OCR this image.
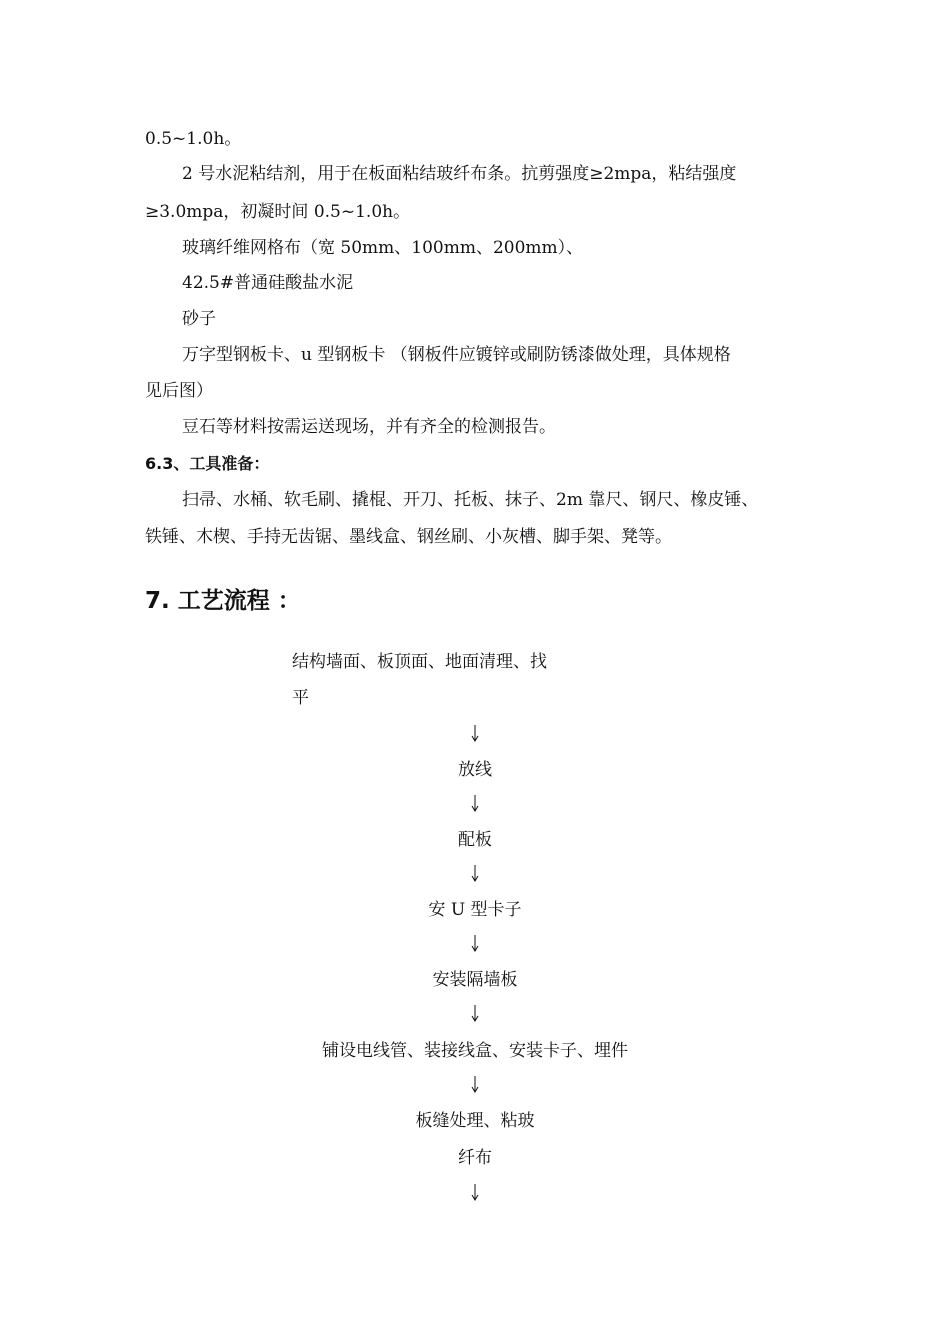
0.5~1.0h。
2 号水泥粘结剂，用于在板面粘结玻纤布条。抗剪强度≥2mpa，粘结强度
≥3.0mpa，初凝时间 0.5~1.0h。
玻璃纤维网格布（宽 50mm、100mm、200mm）、
42.5#普通硅酸盐水泥
砂子
万字型钢板卡、u 型钢板卡 （钢板件应镀锌或刷防锈漆做处理，具体规格
见后图）
豆石等材料按需运送现场，并有齐全的检测报告。
6.3、工具准备：
扫帚、水桶、软毛刷、撬棍、开刀、托板、抹子、2m 靠尺、钢尺、橡皮锤、
铁锤、木楔、手持无齿锯、墨线盒、钢丝刷、小灰槽、脚手架、凳等。
7. 工艺流程 ：
结构墙面、板顶面、地面清理、找
平
放线
配板
安 U 型卡子
安装隔墙板
铺设电线管、装接线盒、安装卡子、埋件
板缝处理、粘玻
纤布
